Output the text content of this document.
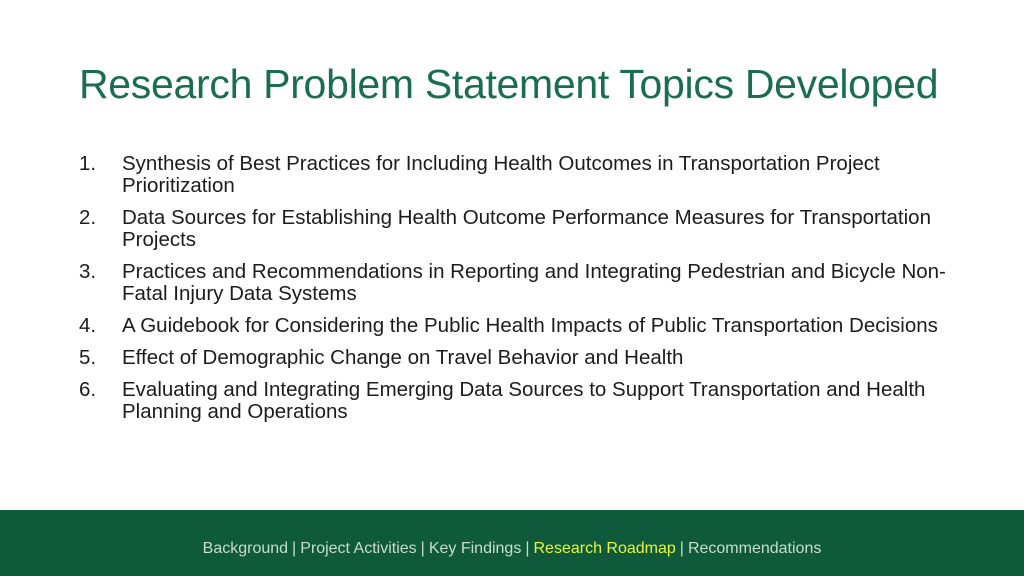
Research Problem Statement Topics Developed
1. Synthesis of Best Practices for Including Health Outcomes in Transportation Project Prioritization
2. Data Sources for Establishing Health Outcome Performance Measures for Transportation Projects
3. Practices and Recommendations in Reporting and Integrating Pedestrian and Bicycle Non-Fatal Injury Data Systems
4. A Guidebook for Considering the Public Health Impacts of Public Transportation Decisions
5. Effect of Demographic Change on Travel Behavior and Health
6. Evaluating and Integrating Emerging Data Sources to Support Transportation and Health Planning and Operations
Background | Project Activities | Key Findings | Research Roadmap | Recommendations
